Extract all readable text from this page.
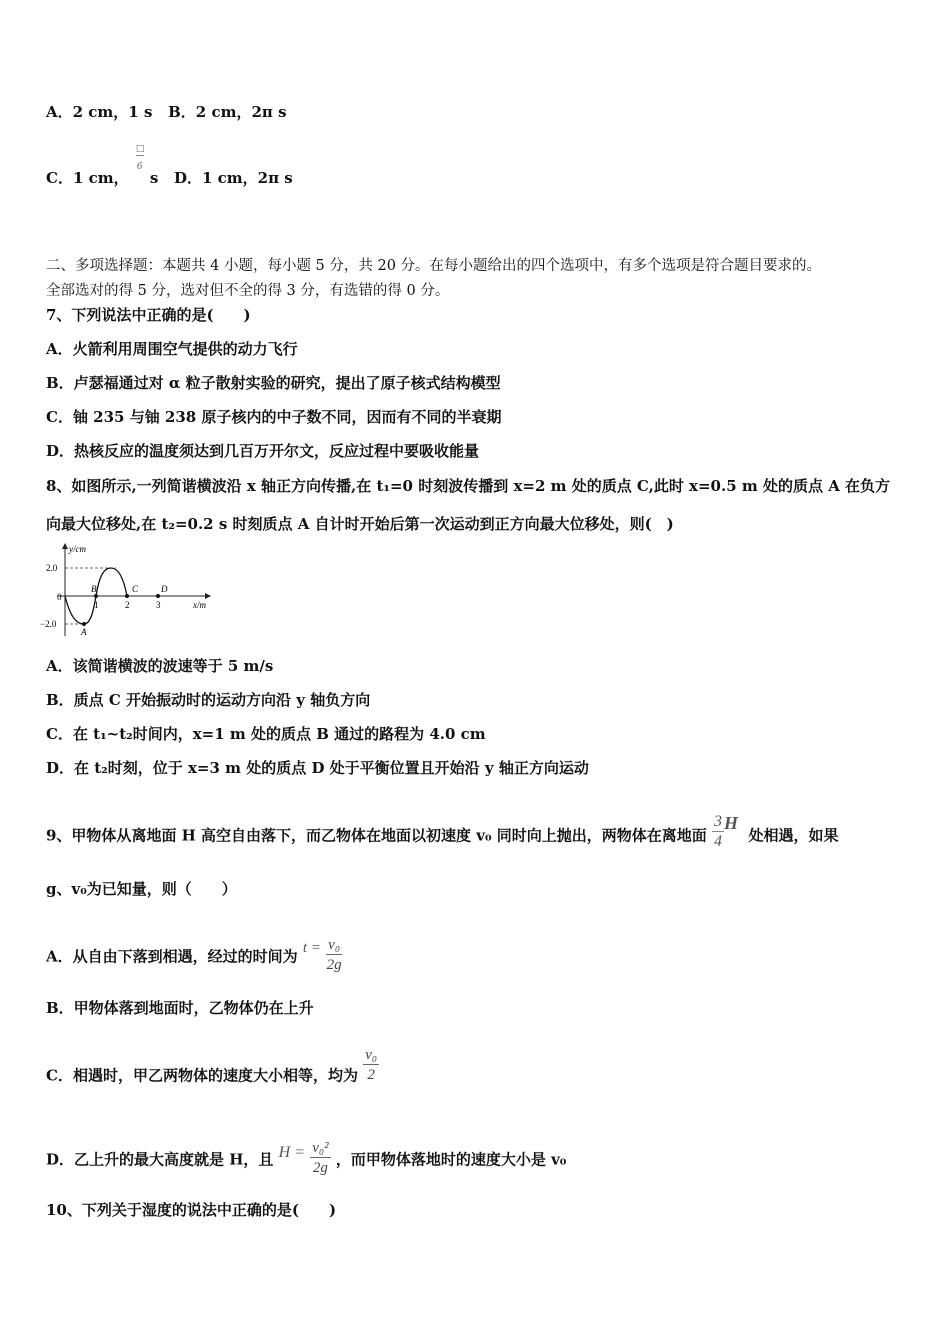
A．2 cm，1 s B．2 cm，2π s
C．1 cm，
□
6
s D．1 cm，2π s
二、多项选择题：本题共 4 小题，每小题 5 分，共 20 分。在每小题给出的四个选项中，有多个选项是符合题目要求的。
全部选对的得 5 分，选对但不全的得 3 分，有选错的得 0 分。
7、下列说法中正确的是(　　)
A．火箭利用周围空气提供的动力飞行
B．卢瑟福通过对 α 粒子散射实验的研究，提出了原子核式结构模型
C．铀 235 与铀 238 原子核内的中子数不同，因而有不同的半衰期
D．热核反应的温度须达到几百万开尔文，反应过程中要吸收能量
8、如图所示,一列简谐横波沿 x 轴正方向传播,在 t₁=0 时刻波传播到 x=2 m 处的质点 C,此时 x=0.5 m 处的质点 A 在负方
向最大位移处,在 t₂=0.2 s 时刻质点 A 自计时开始后第一次运动到正方向最大位移处，则(　)
y/cm
x/m
2.0
−2.0
0
1	2	3
A
B	C	D
A．该简谐横波的波速等于 5 m/s
B．质点 C 开始振动时的运动方向沿 y 轴负方向
C．在 t₁~t₂时间内，x=1 m 处的质点 B 通过的路程为 4.0 cm
D．在 t₂时刻，位于 x=3 m 处的质点 D 处于平衡位置且开始沿 y 轴正方向运动
9、甲物体从离地面 H 高空自由落下，而乙物体在地面以初速度 v₀ 同时向上抛出，两物体在离地面 $\frac{3}{4}$ H  处相遇，如果
g、v₀为已知量，则（　　）
A．从自由下落到相遇，经过的时间为 $t = \frac{\text{v₀}}{2g}$
B．甲物体落到地面时，乙物体仍在上升
C．相遇时，甲乙两物体的速度大小相等，均为 $\frac{\text{v₀}}{2}$
D．乙上升的最大高度就是 H，且 $H = \frac{\text{v₀²}}{2g}$ ，而甲物体落地时的速度大小是 v₀
10、下列关于湿度的说法中正确的是(　　)
